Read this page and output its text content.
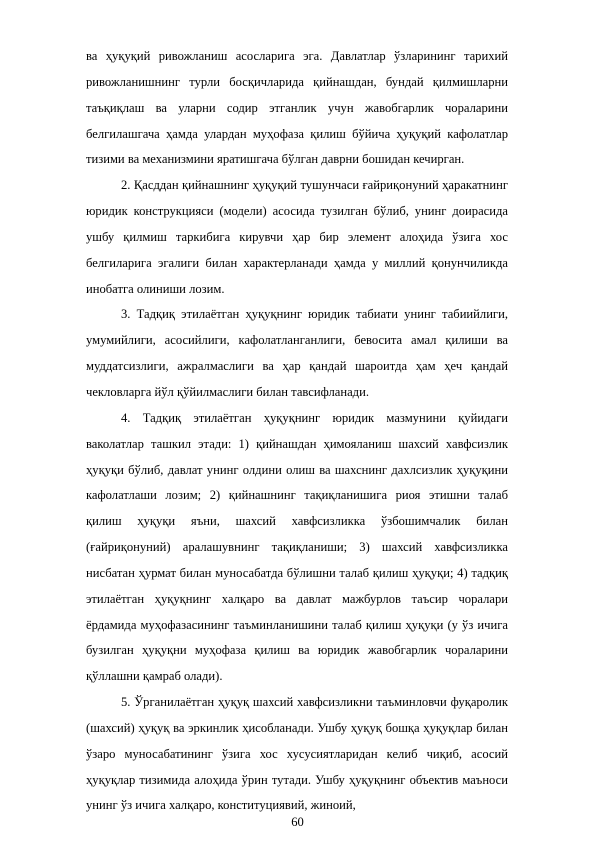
ва ҳуқуқий ривожланиш асосларига эга. Давлатлар ўзларининг тарихий ривожланишнинг турли босқичларида қийнашдан, бундай қилмишларни таъқиқлаш ва уларни содир этганлик учун жавобгарлик чораларини белгилашгача ҳамда улардан муҳофаза қилиш бўйича ҳуқуқий кафолатлар тизими ва механизмини яратишгача бўлган даврни бошидан кечирган.

2. Қасддан қийнашнинг ҳуқуқий тушунчаси ғайриқонуний ҳаракатнинг юридик конструкцияси (модели) асосида тузилган бўлиб, унинг доирасида ушбу қилмиш таркибига кирувчи ҳар бир элемент алоҳида ўзига хос белгиларига эгалиги билан характерланади ҳамда у миллий қонунчиликда инобатга олиниши лозим.

3. Тадқиқ этилаётган ҳуқуқнинг юридик табиати унинг табиийлиги, умумийлиги, асосийлиги, кафолатланганлиги, бевосита амал қилиши ва муддатсизлиги, ажралмаслиги ва ҳар қандай шароитда ҳам ҳеч қандай чекловларга йўл қўйилмаслиги билан тавсифланади.

4. Тадқиқ этилаётган ҳуқуқнинг юридик мазмунини қуйидаги ваколатлар ташкил этади: 1) қийнашдан ҳимояланиш шахсий хавфсизлик ҳуқуқи бўлиб, давлат унинг олдини олиш ва шахснинг дахлсизлик ҳуқуқини кафолатлаши лозим; 2) қийнашнинг тақиқланишига риоя этишни талаб қилиш ҳуқуқи яъни, шахсий хавфсизликка ўзбошимчалик билан (ғайриқонуний) аралашувнинг тақиқланиши; 3) шахсий хавфсизликка нисбатан ҳурмат билан муносабатда бўлишни талаб қилиш ҳуқуқи; 4) тадқиқ этилаётган ҳуқуқнинг халқаро ва давлат мажбурлов таъсир чоралари ёрдамида муҳофазасининг таъминланишини талаб қилиш ҳуқуқи (у ўз ичига бузилган ҳуқуқни муҳофаза қилиш ва юридик жавобгарлик чораларини қўллашни қамраб олади).

5. Ўрганилаётган ҳуқуқ шахсий хавфсизликни таъминловчи фуқаролик (шахсий) ҳуқуқ ва эркинлик ҳисобланади. Ушбу ҳуқуқ бошқа ҳуқуқлар билан ўзаро муносабатининг ўзига хос хусусиятларидан келиб чиқиб, асосий ҳуқуқлар тизимида алоҳида ўрин тутади. Ушбу ҳуқуқнинг объектив маъноси унинг ўз ичига халқаро, конституциявий, жиноий,

60
